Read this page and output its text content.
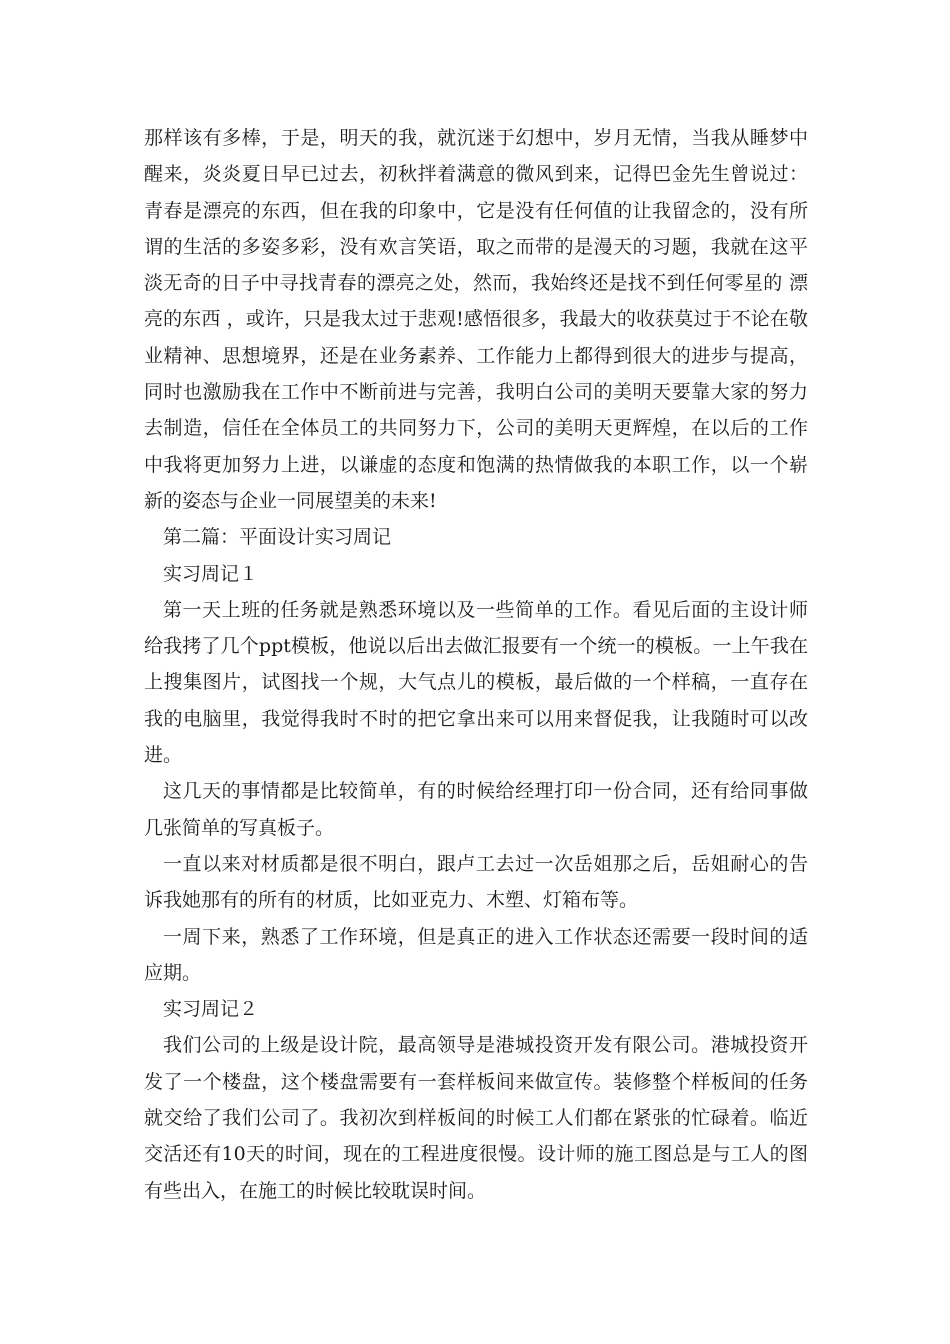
那样该有多棒，于是，明天的我，就沉迷于幻想中，岁月无情，当我从睡梦中醒来，炎炎夏日早已过去，初秋拌着满意的微风到来，记得巴金先生曾说过：青春是漂亮的东西，但在我的印象中，它是没有任何值的让我留念的，没有所谓的生活的多姿多彩，没有欢言笑语，取之而带的是漫天的习题，我就在这平淡无奇的日子中寻找青春的漂亮之处，然而，我始终还是找不到任何零星的 漂亮的东西 ，或许，只是我太过于悲观!感悟很多，我最大的收获莫过于不论在敬业精神、思想境界，还是在业务素养、工作能力上都得到很大的进步与提高，同时也激励我在工作中不断前进与完善，我明白公司的美明天要靠大家的努力去制造，信任在全体员工的共同努力下，公司的美明天更辉煌，在以后的工作中我将更加努力上进，以谦虚的态度和饱满的热情做我的本职工作，以一个崭新的姿态与企业一同展望美的未来!

第二篇：平面设计实习周记

实习周记１

第一天上班的任务就是熟悉环境以及一些简单的工作。看见后面的主设计师给我拷了几个ppt模板，他说以后出去做汇报要有一个统一的模板。一上午我在上搜集图片，试图找一个规，大气点儿的模板，最后做的一个样稿，一直存在我的电脑里，我觉得我时不时的把它拿出来可以用来督促我，让我随时可以改进。

这几天的事情都是比较简单，有的时候给经理打印一份合同，还有给同事做几张简单的写真板子。

一直以来对材质都是很不明白，跟卢工去过一次岳姐那之后，岳姐耐心的告诉我她那有的所有的材质，比如亚克力、木塑、灯箱布等。

一周下来，熟悉了工作环境，但是真正的进入工作状态还需要一段时间的适应期。

实习周记２

我们公司的上级是设计院，最高领导是港城投资开发有限公司。港城投资开发了一个楼盘，这个楼盘需要有一套样板间来做宣传。装修整个样板间的任务就交给了我们公司了。我初次到样板间的时候工人们都在紧张的忙碌着。临近交活还有10天的时间，现在的工程进度很慢。设计师的施工图总是与工人的图有些出入，在施工的时候比较耽误时间。
